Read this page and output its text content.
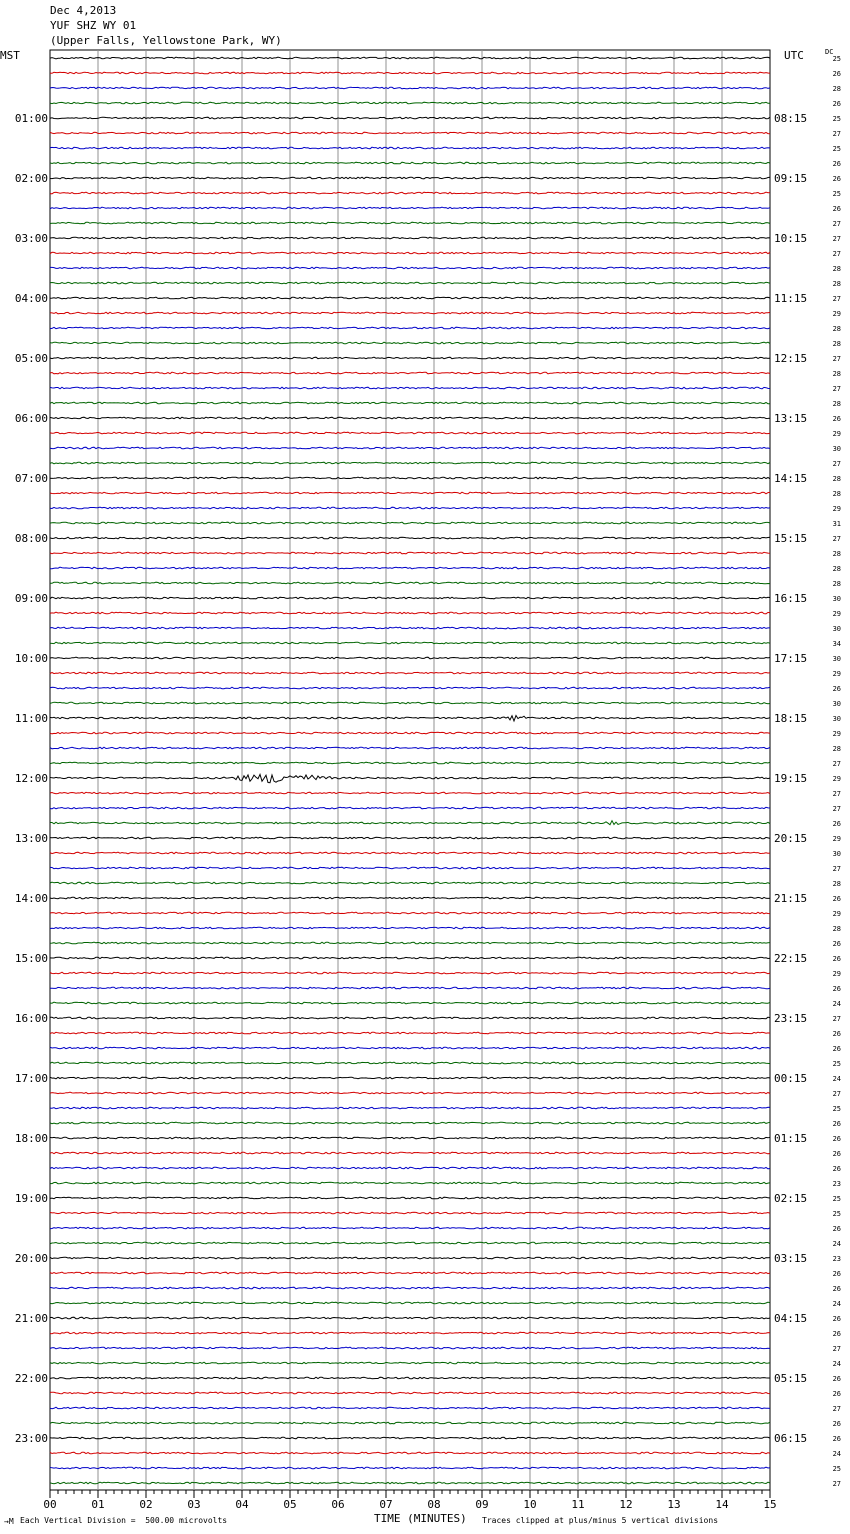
Dec 4,2013
YUF SHZ WY 01
(Upper Falls, Yellowstone Park, WY)
MST	UTC	DC
25
26
28
26
25
27
25
26
26
25
26
27
27
27
28
28
27
29
28
28
27
28
27
28
26
29
30
27
28
28
29
31
27
28
28
28
30
29
30
34
30
29
26
30
30
29
28
27
29
27
27
26
29
30
27
28
26
29
28
26
26
29
26
24
27
26
26
25
24
27
25
26
26
26
26
23
25
25
26
24
23
26
26
24
26
26
27
24
26
26
27
26
26
24
25
27
01:00
02:00
03:00
04:00
05:00
06:00
07:00
08:00
09:00
10:00
11:00
12:00
13:00
14:00
15:00
16:00
17:00
18:00
19:00
20:00
21:00
22:00
23:00
08:15
09:15
10:15
11:15
12:15
13:15
14:15
15:15
16:15
17:15
18:15
19:15
20:15
21:15
22:15
23:15
00:15
01:15
02:15
03:15
04:15
05:15
06:15
00	01	02	03	04	05	06	07	08	09	10	11	12	13	14	15
→M Each Vertical Division =  500.00 microvolts	TIME (MINUTES) Traces clipped at plus/minus 5 vertical divisions
